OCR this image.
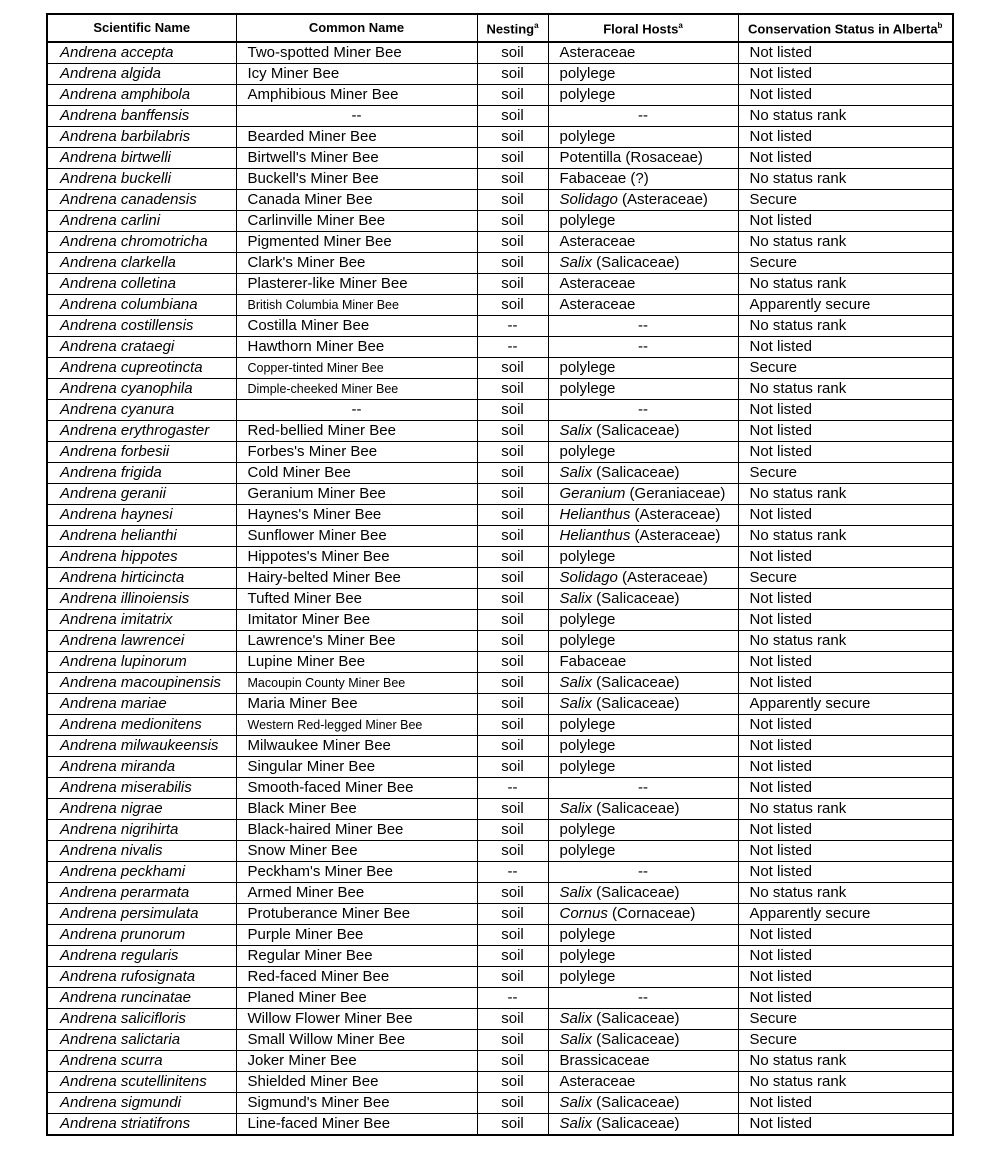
Scientific Name	Common Name	Nesting$^a$	Floral Hosts$^a$	Conservation Status in Alberta$^b$
Andrena accepta	Two-spotted Miner Bee	soil	Asteraceae	Not listed
Andrena algida	Icy Miner Bee	soil	polylege	Not listed
Andrena amphibola	Amphibious Miner Bee	soil	polylege	Not listed
Andrena banffensis	--	soil	--	No status rank
Andrena barbilabris	Bearded Miner Bee	soil	polylege	Not listed
Andrena birtwelli	Birtwell's Miner Bee	soil	Potentilla (Rosaceae)	Not listed
Andrena buckelli	Buckell's Miner Bee	soil	Fabaceae (?)	No status rank
Andrena canadensis	Canada Miner Bee	soil	Solidago (Asteraceae)	Secure
Andrena carlini	Carlinville Miner Bee	soil	polylege	Not listed
Andrena chromotricha	Pigmented Miner Bee	soil	Asteraceae	No status rank
Andrena clarkella	Clark's Miner Bee	soil	Salix (Salicaceae)	Secure
Andrena colletina	Plasterer-like Miner Bee	soil	Asteraceae	No status rank
Andrena columbiana	British Columbia Miner Bee	soil	Asteraceae	Apparently secure
Andrena costillensis	Costilla Miner Bee	--	--	No status rank
Andrena crataegi	Hawthorn Miner Bee	--	--	Not listed
Andrena cupreotincta	Copper-tinted Miner Bee	soil	polylege	Secure
Andrena cyanophila	Dimple-cheeked Miner Bee	soil	polylege	No status rank
Andrena cyanura	--	soil	--	Not listed
Andrena erythrogaster	Red-bellied Miner Bee	soil	Salix (Salicaceae)	Not listed
Andrena forbesii	Forbes's Miner Bee	soil	polylege	Not listed
Andrena frigida	Cold Miner Bee	soil	Salix (Salicaceae)	Secure
Andrena geranii	Geranium Miner Bee	soil	Geranium (Geraniaceae)	No status rank
Andrena haynesi	Haynes's Miner Bee	soil	Helianthus (Asteraceae)	Not listed
Andrena helianthi	Sunflower Miner Bee	soil	Helianthus (Asteraceae)	No status rank
Andrena hippotes	Hippotes's Miner Bee	soil	polylege	Not listed
Andrena hirticincta	Hairy-belted Miner Bee	soil	Solidago (Asteraceae)	Secure
Andrena illinoiensis	Tufted Miner Bee	soil	Salix (Salicaceae)	Not listed
Andrena imitatrix	Imitator Miner Bee	soil	polylege	Not listed
Andrena lawrencei	Lawrence's Miner Bee	soil	polylege	No status rank
Andrena lupinorum	Lupine Miner Bee	soil	Fabaceae	Not listed
Andrena macoupinensis	Macoupin County Miner Bee	soil	Salix (Salicaceae)	Not listed
Andrena mariae	Maria Miner Bee	soil	Salix (Salicaceae)	Apparently secure
Andrena medionitens	Western Red-legged Miner Bee	soil	polylege	Not listed
Andrena milwaukeensis	Milwaukee Miner Bee	soil	polylege	Not listed
Andrena miranda	Singular Miner Bee	soil	polylege	Not listed
Andrena miserabilis	Smooth-faced Miner Bee	--	--	Not listed
Andrena nigrae	Black Miner Bee	soil	Salix (Salicaceae)	No status rank
Andrena nigrihirta	Black-haired Miner Bee	soil	polylege	Not listed
Andrena nivalis	Snow Miner Bee	soil	polylege	Not listed
Andrena peckhami	Peckham's Miner Bee	--	--	Not listed
Andrena perarmata	Armed Miner Bee	soil	Salix (Salicaceae)	No status rank
Andrena persimulata	Protuberance Miner Bee	soil	Cornus (Cornaceae)	Apparently secure
Andrena prunorum	Purple Miner Bee	soil	polylege	Not listed
Andrena regularis	Regular Miner Bee	soil	polylege	Not listed
Andrena rufosignata	Red-faced Miner Bee	soil	polylege	Not listed
Andrena runcinatae	Planed Miner Bee	--	--	Not listed
Andrena salicifloris	Willow Flower Miner Bee	soil	Salix (Salicaceae)	Secure
Andrena salictaria	Small Willow Miner Bee	soil	Salix (Salicaceae)	Secure
Andrena scurra	Joker Miner Bee	soil	Brassicaceae	No status rank
Andrena scutellinitens	Shielded Miner Bee	soil	Asteraceae	No status rank
Andrena sigmundi	Sigmund's Miner Bee	soil	Salix (Salicaceae)	Not listed
Andrena striatifrons	Line-faced Miner Bee	soil	Salix (Salicaceae)	Not listed
